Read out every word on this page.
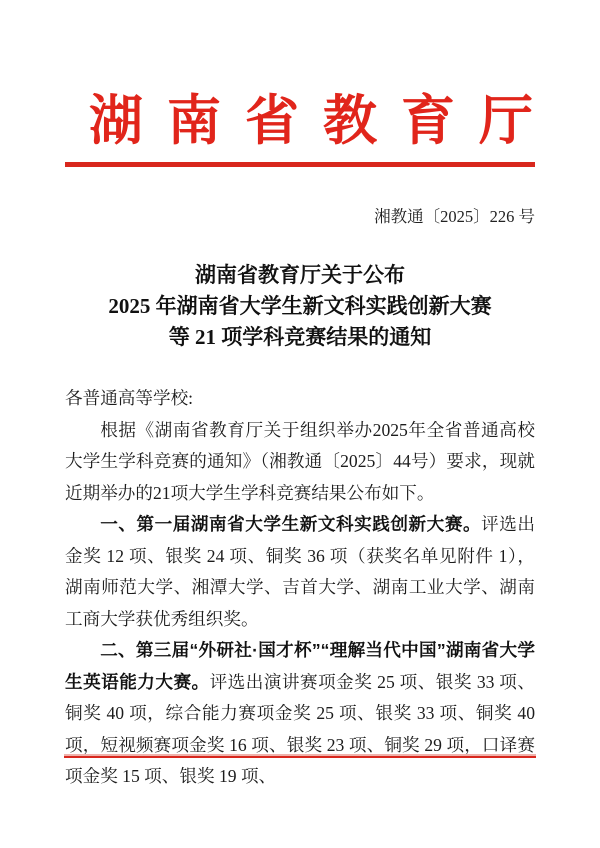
湖南省教育厅
湘教通〔2025〕226 号
湖南省教育厅关于公布
2025 年湖南省大学生新文科实践创新大赛
等 21 项学科竞赛结果的通知

各普通高等学校:

根据《湖南省教育厅关于组织举办2025年全省普通高校大学生学科竞赛的通知》（湘教通〔2025〕44号）要求，现就近期举办的21项大学生学科竞赛结果公布如下。

一、第一届湖南省大学生新文科实践创新大赛。评选出金奖 12 项、银奖 24 项、铜奖 36 项（获奖名单见附件 1），湖南师范大学、湘潭大学、吉首大学、湖南工业大学、湖南工商大学获优秀组织奖。

二、第三届“外研社·国才杯”“理解当代中国”湖南省大学生英语能力大赛。评选出演讲赛项金奖 25 项、银奖 33 项、铜奖 40 项，综合能力赛项金奖 25 项、银奖 33 项、铜奖 40 项，短视频赛项金奖 16 项、银奖 23 项、铜奖 29 项，口译赛项金奖 15 项、银奖 19 项、
